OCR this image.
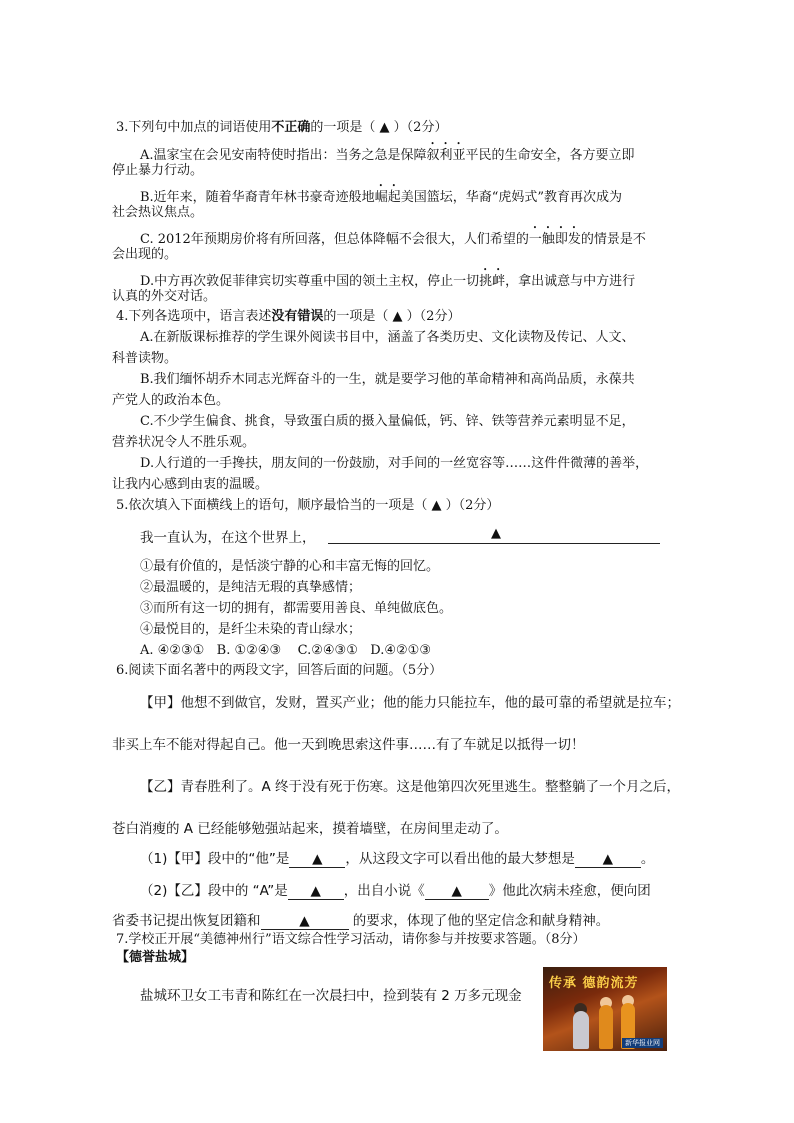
3.下列句中加点的词语使用不正确的一项是（ ▲ ）（2分）
A.温家宝在会见安南特使时指出：当务之急是保障叙利亚平民的生命安全，各方要立即
停止暴力行动。
B.近年来，随着华裔青年林书豪奇迹般地崛起美国篮坛，华裔“虎妈式”教育再次成为
社会热议焦点。
C. 2012年预期房价将有所回落，但总体降幅不会很大，人们希望的一触即发的情景是不
会出现的。
D.中方再次敦促菲律宾切实尊重中国的领土主权，停止一切挑衅，拿出诚意与中方进行
认真的外交对话。
4.下列各选项中，语言表述没有错误的一项是（ ▲ ）（2分）
A.在新版课标推荐的学生课外阅读书目中，涵盖了各类历史、文化读物及传记、人文、
科普读物。
B.我们缅怀胡乔木同志光辉奋斗的一生，就是要学习他的革命精神和高尚品质，永葆共
产党人的政治本色。
C.不少学生偏食、挑食，导致蛋白质的摄入量偏低，钙、锌、铁等营养元素明显不足，
营养状况令人不胜乐观。
D.人行道的一手搀扶，朋友间的一份鼓励，对手间的一丝宽容等……这件件微薄的善举，
让我内心感到由衷的温暖。
5.依次填入下面横线上的语句，顺序最恰当的一项是（ ▲ ）（2分）
我一直认为，在这个世界上，	▲
①最有价值的，是恬淡宁静的心和丰富无悔的回忆。
②最温暖的，是纯洁无瑕的真挚感情；
③而所有这一切的拥有，都需要用善良、单纯做底色。
④最悦目的，是纤尘未染的青山绿水；
A. ④②③①   B. ①②④③    C.②④③①   D.④②①③
6.阅读下面名著中的两段文字，回答后面的问题。（5分）
【甲】他想不到做官，发财，置买产业；他的能力只能拉车，他的最可靠的希望就是拉车；
非买上车不能对得起自己。他一天到晚思索这件事……有了车就足以抵得一切！
【乙】青春胜利了。A 终于没有死于伤寒。这是他第四次死里逃生。整整躺了一个月之后，
苍白消瘦的 A 已经能够勉强站起来，摸着墙壁，在房间里走动了。
（1)【甲】段中的“他”是 ▲ ，从这段文字可以看出他的最大梦想是 ▲ 。
（2)【乙】段中的 “A”是 ▲ ，出自小说《 ▲ 》他此次病未痊愈，便向团
省委书记提出恢复团籍和	▲	的要求，体现了他的坚定信念和献身精神。
7.学校正开展“美德神州行”语文综合性学习活动，请你参与并按要求答题。（8分）
【德誉盐城】
盐城环卫女工韦青和陈红在一次晨扫中，捡到装有 2 万多元现金
传承 德韵流芳
新华报业网
